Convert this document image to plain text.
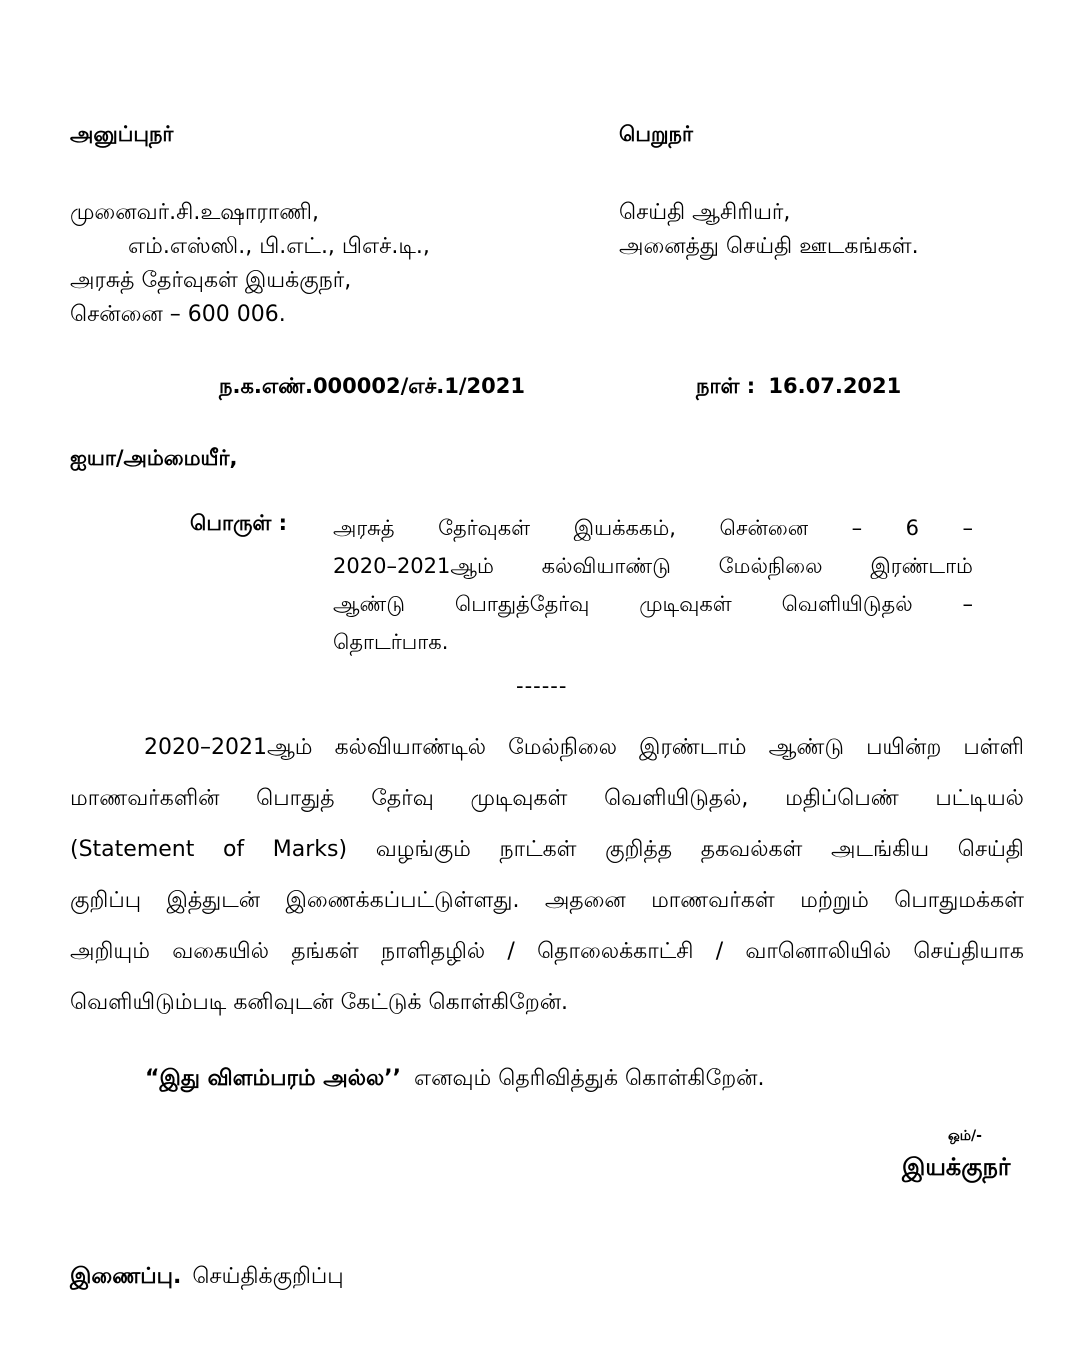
அனுப்புநர்	பெறுநர்
முனைவர்.சி.உஷாராணி,
எம்.எஸ்ஸி., பி.எட்., பிஎச்.டி.,
அரசுத் தேர்வுகள் இயக்குநர்,
சென்னை – 600 006.
செய்தி ஆசிரியர்,
அனைத்து செய்தி ஊடகங்கள்.
ந.க.எண்.000002/எச்.1/2021	நாள் : 16.07.2021
ஐயா/அம்மையீர்,
பொருள் : அரசுத் தேர்வுகள் இயக்ககம், சென்னை – 6 –
2020–2021ஆம் கல்வியாண்டு மேல்நிலை இரண்டாம்
ஆண்டு பொதுத்தேர்வு முடிவுகள் வெளியிடுதல் –
தொடர்பாக.
------
2020–2021ஆம் கல்வியாண்டில் மேல்நிலை இரண்டாம் ஆண்டு பயின்ற பள்ளி
மாணவர்களின் பொதுத் தேர்வு முடிவுகள் வெளியிடுதல், மதிப்பெண் பட்டியல்
(Statement of Marks) வழங்கும் நாட்கள் குறித்த தகவல்கள் அடங்கிய செய்தி
குறிப்பு இத்துடன் இணைக்கப்பட்டுள்ளது. அதனை மாணவர்கள் மற்றும் பொதுமக்கள்
அறியும் வகையில் தங்கள் நாளிதழில் / தொலைக்காட்சி / வானொலியில் செய்தியாக
வெளியிடும்படி கனிவுடன் கேட்டுக் கொள்கிறேன்.
“இது விளம்பரம் அல்ல’’ எனவும் தெரிவித்துக் கொள்கிறேன்.
ஒம்/-
இயக்குநர்
இணைப்பு. செய்திக்குறிப்பு
